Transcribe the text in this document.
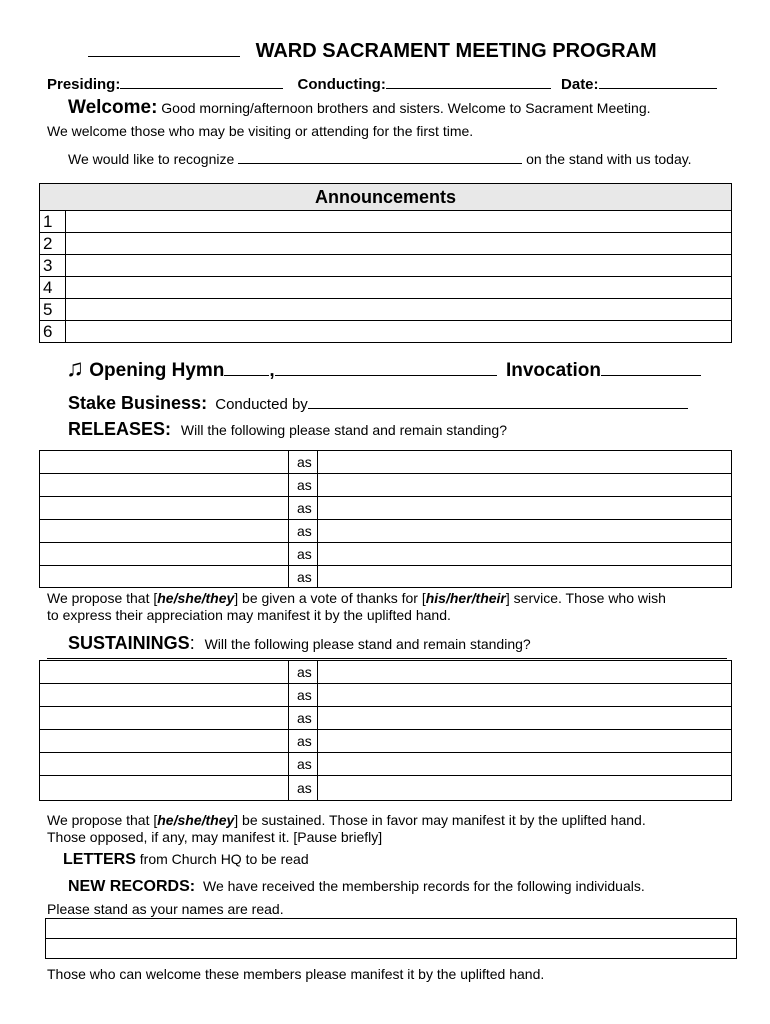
WARD SACRAMENT MEETING PROGRAM
Presiding:	Conducting:	Date:
Welcome: Good morning/afternoon brothers and sisters. Welcome to Sacrament Meeting.
We welcome those who may be visiting or attending for the first time.
We would like to recognize	on the stand with us today.
Announcements	
1	
2	
3	
4	
5	
6	
♫ Opening Hymn ,	Invocation
Stake Business: Conducted by
RELEASES: Will the following please stand and remain standing?
	as	
	as	
	as	
	as	
	as	
	as	
We propose that [he/she/they] be given a vote of thanks for [his/her/their] service. Those who wish
to express their appreciation may manifest it by the uplifted hand.
SUSTAININGS: Will the following please stand and remain standing?
	as	
	as	
	as	
	as	
	as	
	as	
We propose that [he/she/they] be sustained. Those in favor may manifest it by the uplifted hand.
Those opposed, if any, may manifest it. [Pause briefly]
LETTERS from Church HQ to be read
NEW RECORDS: We have received the membership records for the following individuals.
Please stand as your names are read.

Those who can welcome these members please manifest it by the uplifted hand.
